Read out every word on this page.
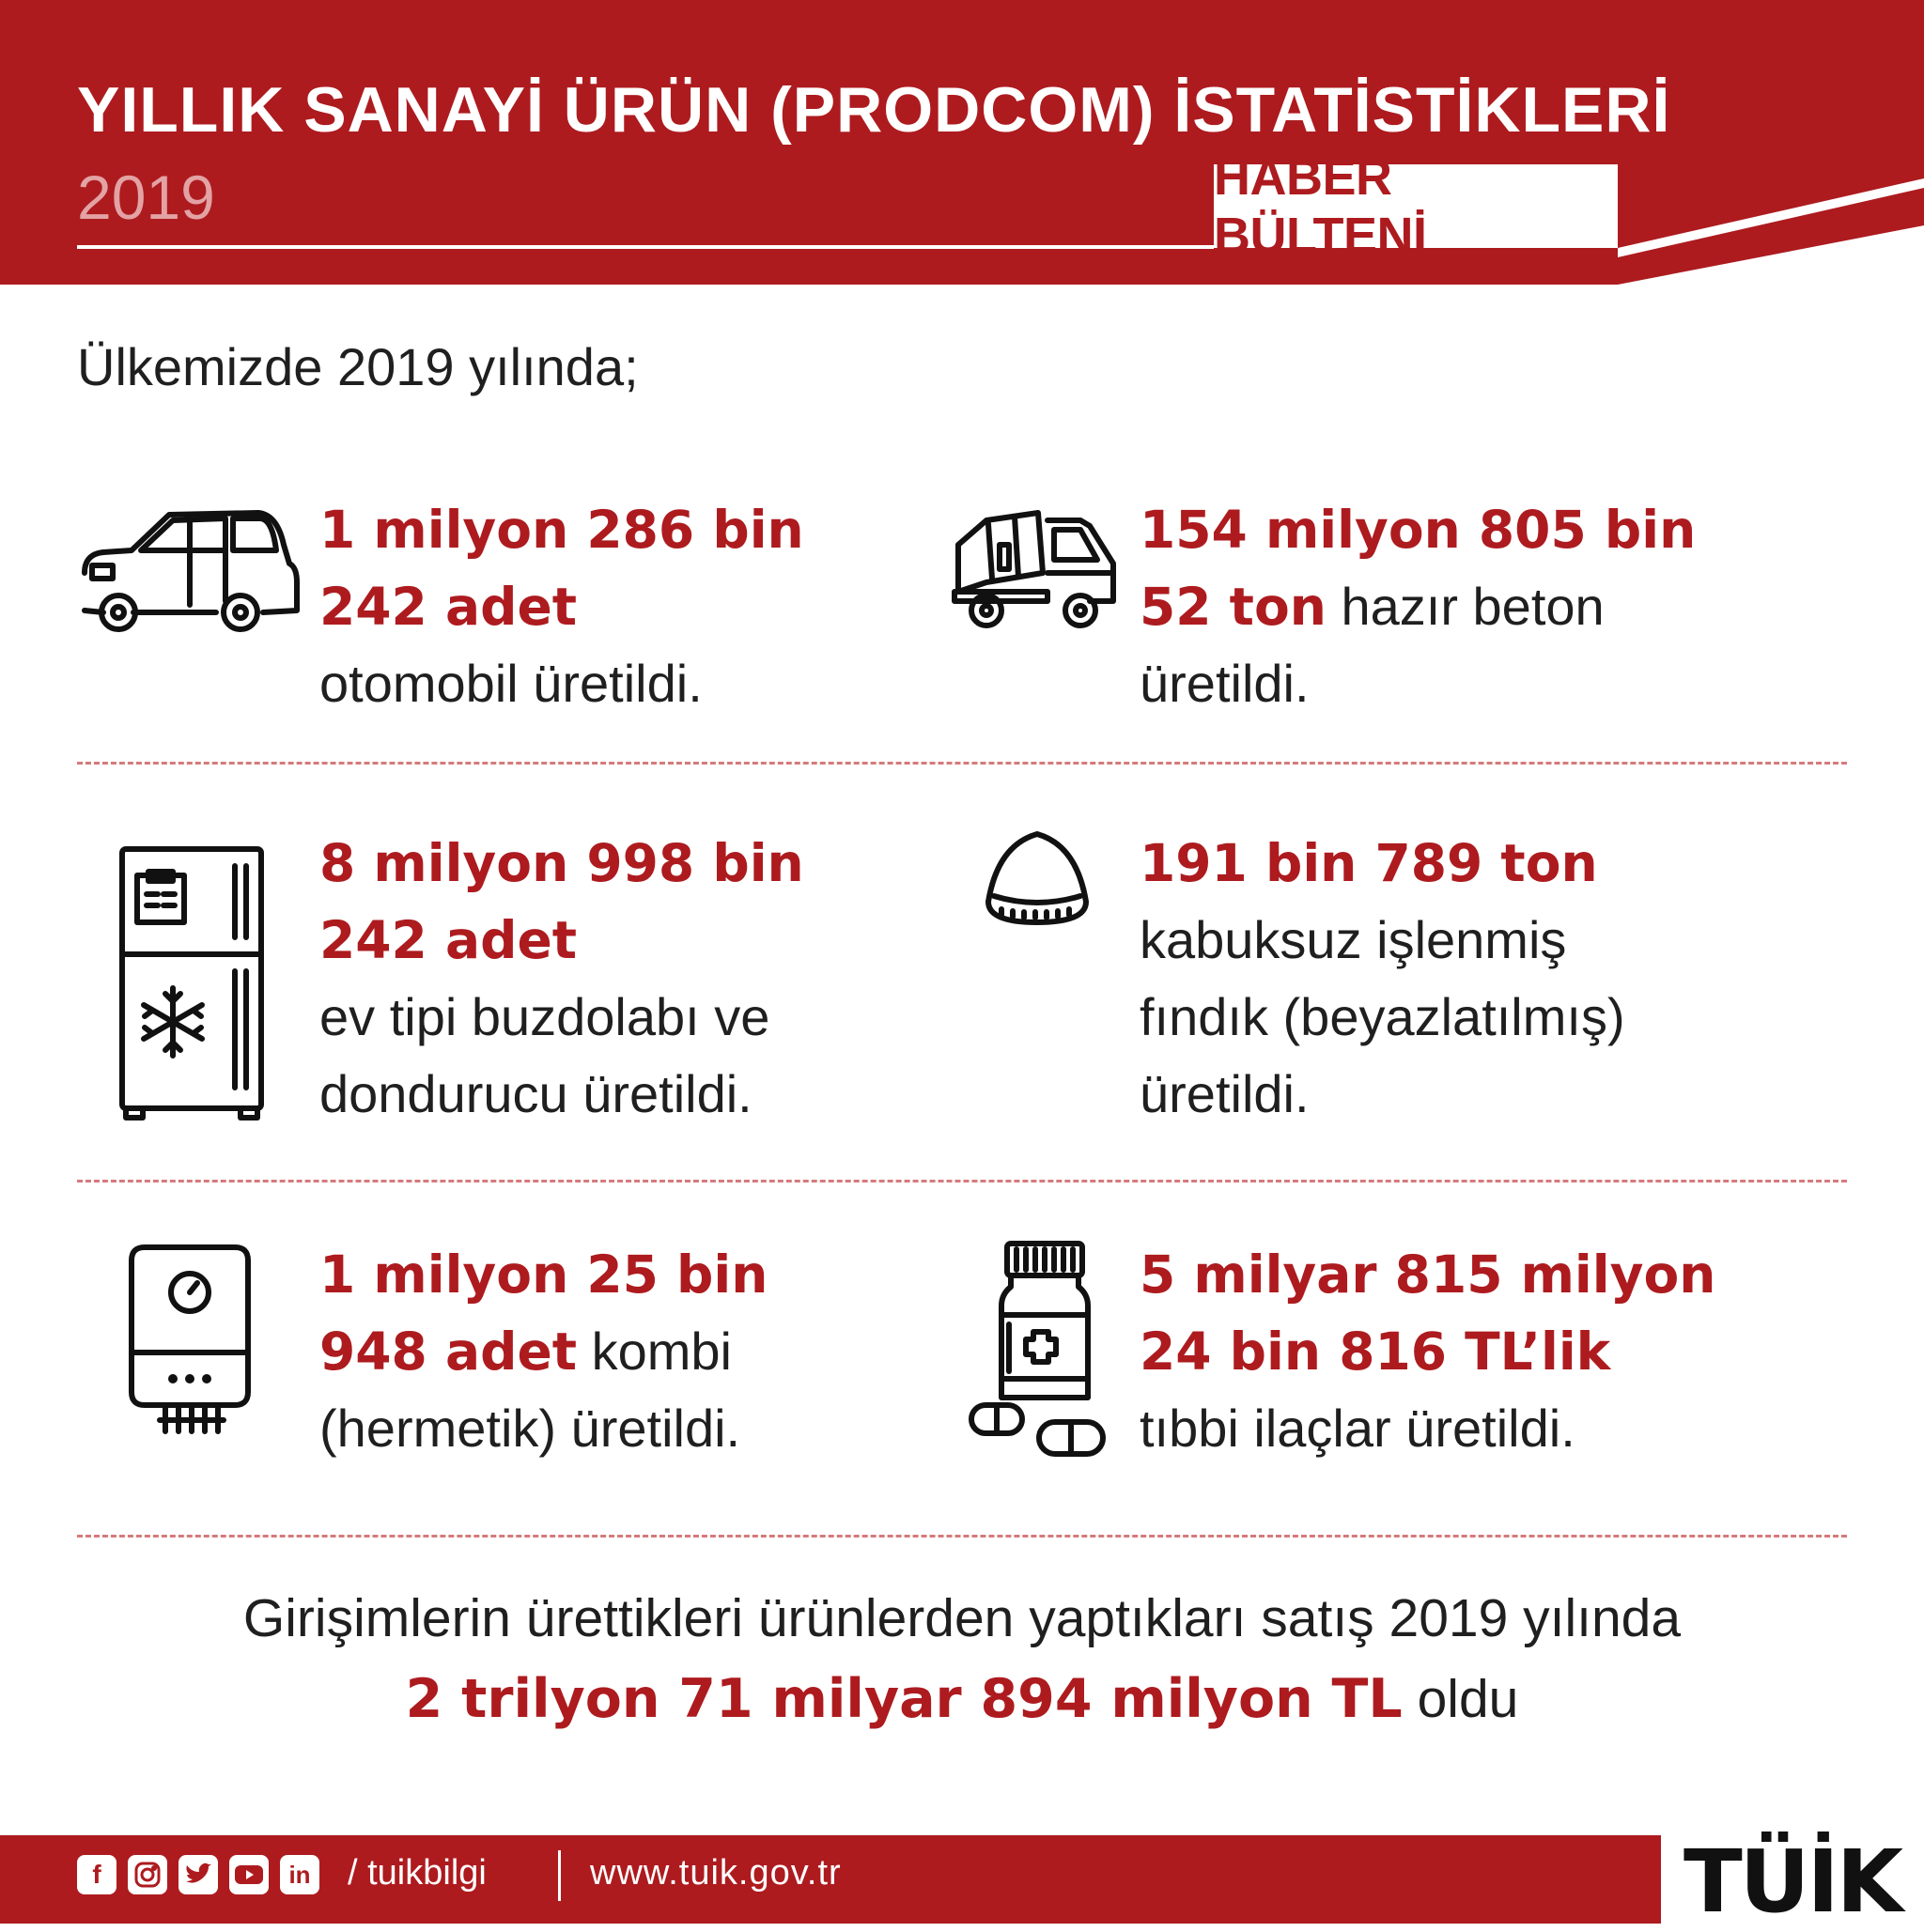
YILLIK SANAYİ ÜRÜN (PRODCOM) İSTATİSTİKLERİ
2019	HABER BÜLTENİ
Ülkemizde 2019 yılında;
1 milyon 286 bin
242 adet
otomobil üretildi.
154 milyon 805 bin
52 ton hazır beton
üretildi.
8 milyon 998 bin
242 adet
ev tipi buzdolabı ve
dondurucu üretildi.
191 bin 789 ton
kabuksuz işlenmiş
fındık (beyazlatılmış)
üretildi.
1 milyon 25 bin
948 adet kombi
(hermetik) üretildi.
5 milyar 815 milyon
24 bin 816 TL’lik
tıbbi ilaçlar üretildi.
Girişimlerin ürettikleri ürünlerden yaptıkları satış 2019 yılında
2 trilyon 71 milyar 894 milyon TL oldu
f	in / tuikbilgi	www.tuik.gov.tr	TÜİK
